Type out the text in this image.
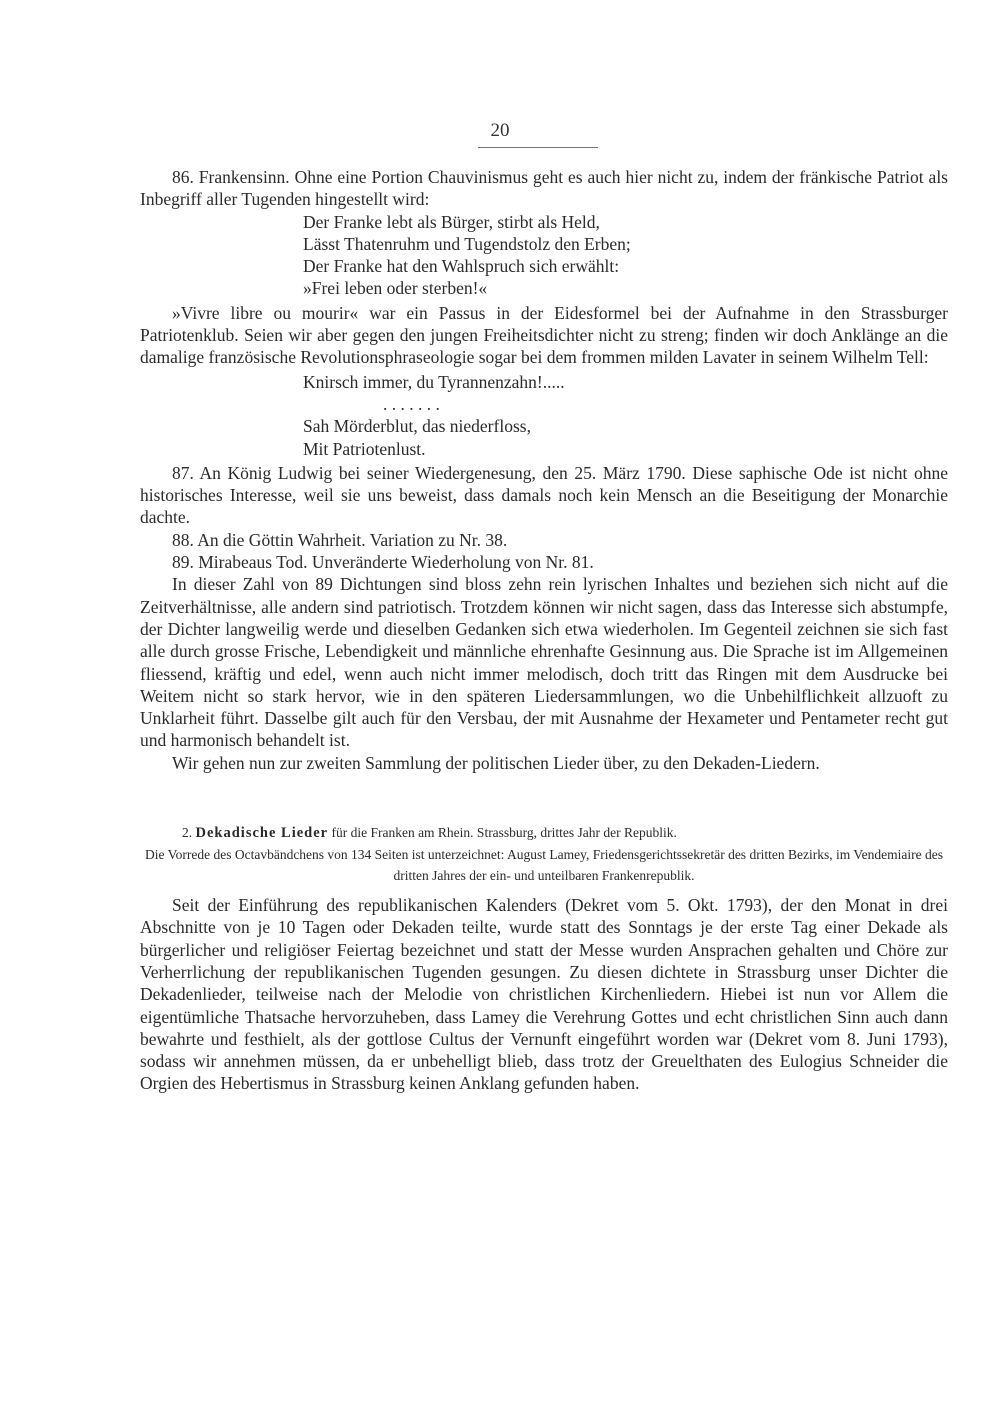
20

86. Frankensinn. Ohne eine Portion Chauvinismus geht es auch hier nicht zu, indem der fränkische Patriot als Inbegriff aller Tugenden hingestellt wird:

Der Franke lebt als Bürger, stirbt als Held,
Lässt Thatenruhm und Tugendstolz den Erben;
Der Franke hat den Wahlspruch sich erwählt:
»Frei leben oder sterben!«

»Vivre libre ou mourir« war ein Passus in der Eidesformel bei der Aufnahme in den Strassburger Patriotenklub. Seien wir aber gegen den jungen Freiheitsdichter nicht zu streng; finden wir doch Anklänge an die damalige französische Revolutionsphraseologie sogar bei dem frommen milden Lavater in seinem Wilhelm Tell:

Knirsch immer, du Tyrannenzahn!.....
. . . . . . .
Sah Mörderblut, das niederfloss,
Mit Patriotenlust.

87. An König Ludwig bei seiner Wiedergenesung, den 25. März 1790. Diese saphische Ode ist nicht ohne historisches Interesse, weil sie uns beweist, dass damals noch kein Mensch an die Beseitigung der Monarchie dachte.

88. An die Göttin Wahrheit. Variation zu Nr. 38.

89. Mirabeaus Tod. Unveränderte Wiederholung von Nr. 81.

In dieser Zahl von 89 Dichtungen sind bloss zehn rein lyrischen Inhaltes und beziehen sich nicht auf die Zeitverhältnisse, alle andern sind patriotisch. Trotzdem können wir nicht sagen, dass das Interesse sich abstumpfe, der Dichter langweilig werde und dieselben Gedanken sich etwa wiederholen. Im Gegenteil zeichnen sie sich fast alle durch grosse Frische, Lebendigkeit und männliche ehrenhafte Gesinnung aus. Die Sprache ist im Allgemeinen fliessend, kräftig und edel, wenn auch nicht immer melodisch, doch tritt das Ringen mit dem Ausdrucke bei Weitem nicht so stark hervor, wie in den späteren Liedersammlungen, wo die Unbehilflichkeit allzuoft zu Unklarheit führt. Dasselbe gilt auch für den Versbau, der mit Ausnahme der Hexameter und Pentameter recht gut und harmonisch behandelt ist.

Wir gehen nun zur zweiten Sammlung der politischen Lieder über, zu den Dekaden-Liedern.

2. Dekadische Lieder für die Franken am Rhein. Strassburg, drittes Jahr der Republik.

Die Vorrede des Octavbändchens von 134 Seiten ist unterzeichnet: August Lamey, Friedensgerichtssekretär des dritten Bezirks, im Vendemiaire des dritten Jahres der ein- und unteilbaren Frankenrepublik.

Seit der Einführung des republikanischen Kalenders (Dekret vom 5. Okt. 1793), der den Monat in drei Abschnitte von je 10 Tagen oder Dekaden teilte, wurde statt des Sonntags je der erste Tag einer Dekade als bürgerlicher und religiöser Feiertag bezeichnet und statt der Messe wurden Ansprachen gehalten und Chöre zur Verherrlichung der republikanischen Tugenden gesungen. Zu diesen dichtete in Strassburg unser Dichter die Dekadenlieder, teilweise nach der Melodie von christlichen Kirchenliedern. Hiebei ist nun vor Allem die eigentümliche Thatsache hervorzuheben, dass Lamey die Verehrung Gottes und echt christlichen Sinn auch dann bewahrte und festhielt, als der gottlose Cultus der Vernunft eingeführt worden war (Dekret vom 8. Juni 1793), sodass wir annehmen müssen, da er unbehelligt blieb, dass trotz der Greuelthaten des Eulogius Schneider die Orgien des Hebertismus in Strassburg keinen Anklang gefunden haben.
